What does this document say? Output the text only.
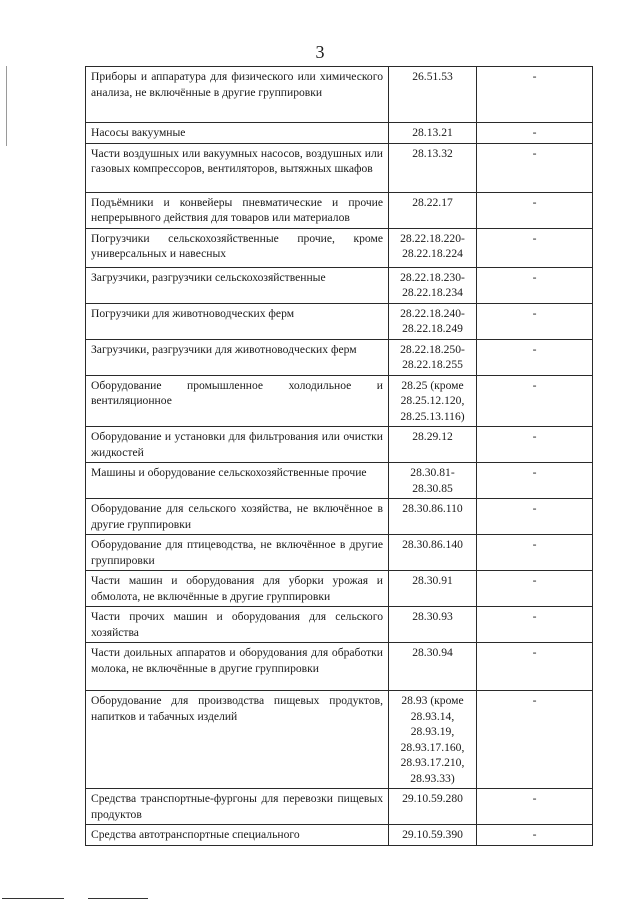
3
Приборы и аппаратура для физического или химического анализа, не включённые в другие группировки	26.51.53	-
Насосы вакуумные	28.13.21	-
Части воздушных или вакуумных насосов, воздушных или газовых компрессоров, вентиляторов, вытяжных шкафов	28.13.32	-
Подъёмники и конвейеры пневматические и прочие непрерывного действия для товаров или материалов	28.22.17	-
Погрузчики сельскохозяйственные прочие, кроме универсальных и навесных	28.22.18.220-28.22.18.224	-
Загрузчики, разгрузчики сельскохозяйственные	28.22.18.230-28.22.18.234	-
Погрузчики для животноводческих ферм	28.22.18.240-28.22.18.249	-
Загрузчики, разгрузчики для животноводческих ферм	28.22.18.250-28.22.18.255	-
Оборудование промышленное холодильное и вентиляционное	28.25 (кроме 28.25.12.120, 28.25.13.116)	-
Оборудование и установки для фильтрования или очистки жидкостей	28.29.12	-
Машины и оборудование сельскохозяйственные прочие	28.30.81-28.30.85	-
Оборудование для сельского хозяйства, не включённое в другие группировки	28.30.86.110	-
Оборудование для птицеводства, не включённое в другие группировки	28.30.86.140	-
Части машин и оборудования для уборки урожая и обмолота, не включённые в другие группировки	28.30.91	-
Части прочих машин и оборудования для сельского хозяйства	28.30.93	-
Части доильных аппаратов и оборудования для обработки молока, не включённые в другие группировки	28.30.94	-
Оборудование для производства пищевых продуктов, напитков и табачных изделий	28.93 (кроме 28.93.14, 28.93.19, 28.93.17.160, 28.93.17.210, 28.93.33)	-
Средства транспортные-фургоны для перевозки пищевых продуктов	29.10.59.280	-
Средства автотранспортные специального	29.10.59.390	-
